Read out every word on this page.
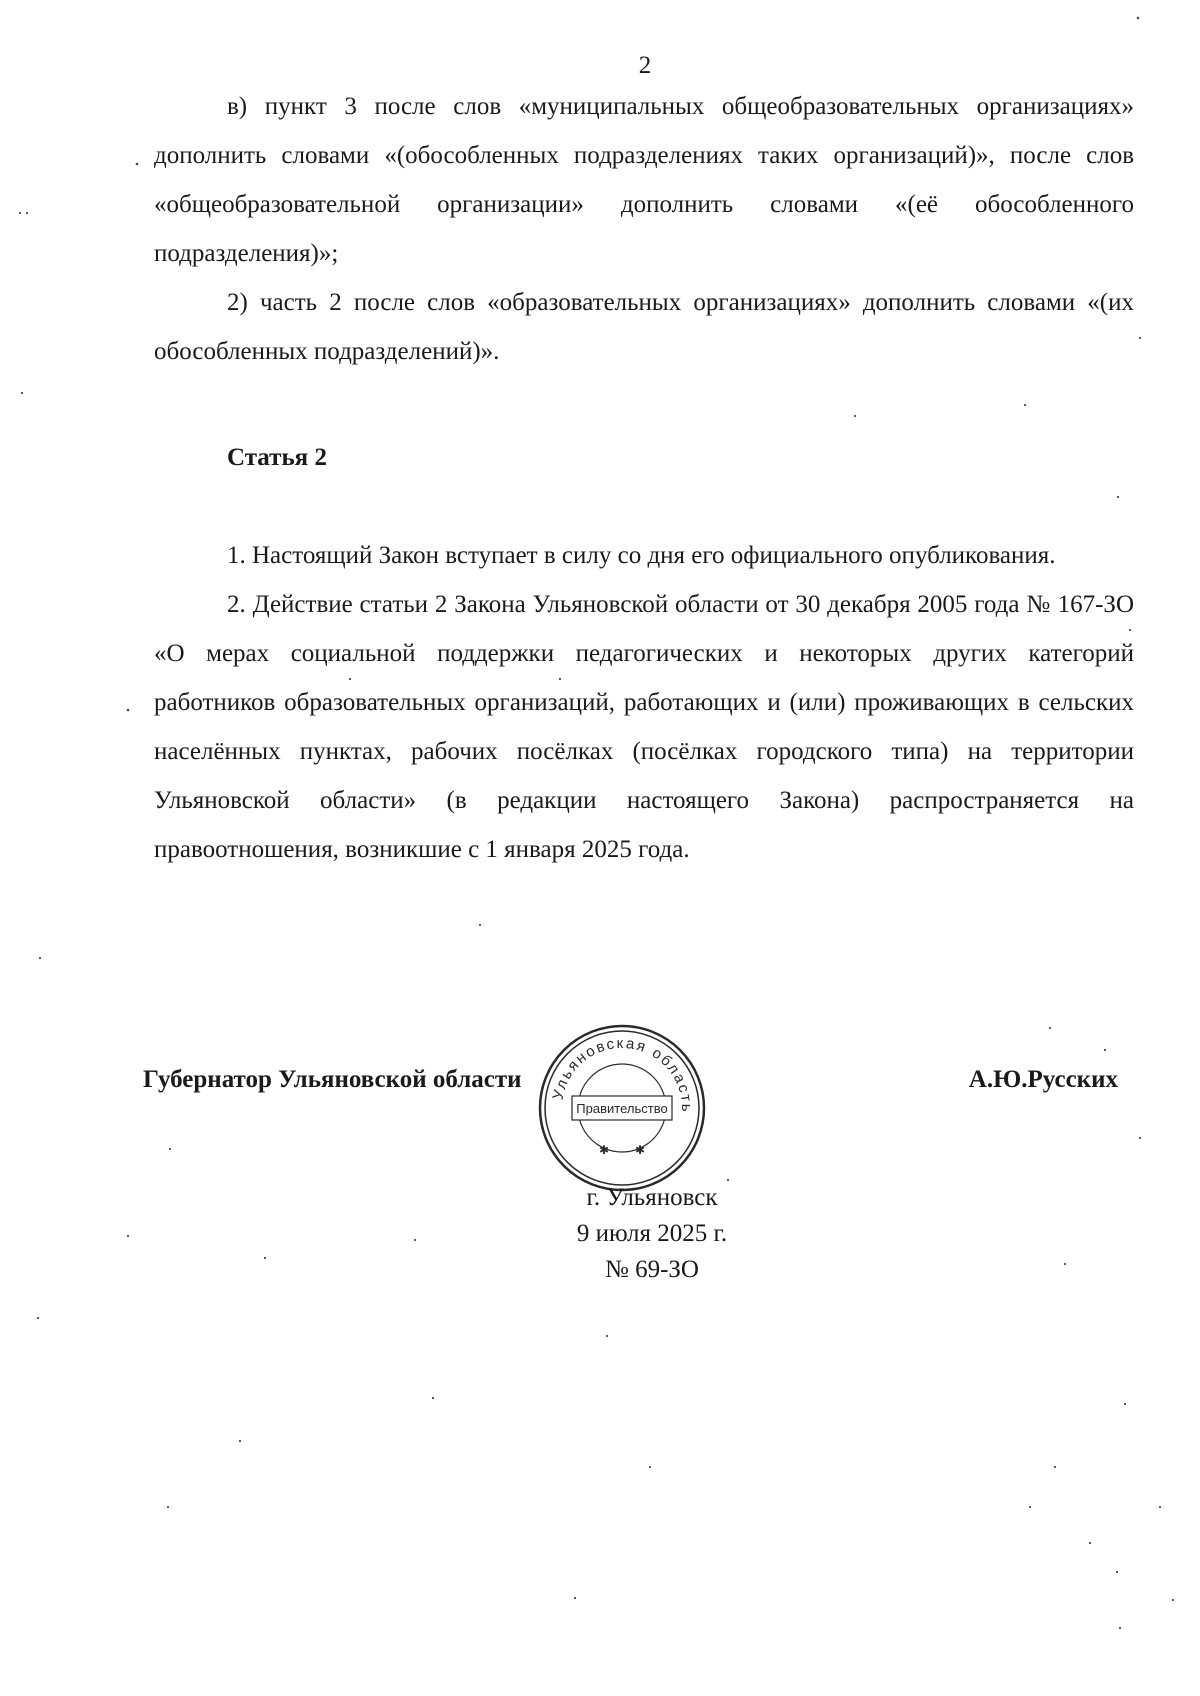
2

в) пункт 3 после слов «муниципальных общеобразовательных организациях» дополнить словами «(обособленных подразделениях таких организаций)», после слов «общеобразовательной организации» дополнить словами «(её обособленного подразделения)»;

2) часть 2 после слов «образовательных организациях» дополнить словами «(их обособленных подразделений)».

Статья 2

1. Настоящий Закон вступает в силу со дня его официального опубликования.

2. Действие статьи 2 Закона Ульяновской области от 30 декабря 2005 года № 167-ЗО «О мерах социальной поддержки педагогических и некоторых других категорий работников образовательных организаций, работающих и (или) проживающих в сельских населённых пунктах, рабочих посёлках (посёлках городского типа) на территории Ульяновской области» (в редакции настоящего Закона) распространяется на правоотношения, возникшие с 1 января 2025 года.

Губернатор Ульяновской области	А.Ю.Русских
Ульяновская область
Правительство
✱ ✱
г. Ульяновск
9 июля 2025 г.
№ 69-ЗО
